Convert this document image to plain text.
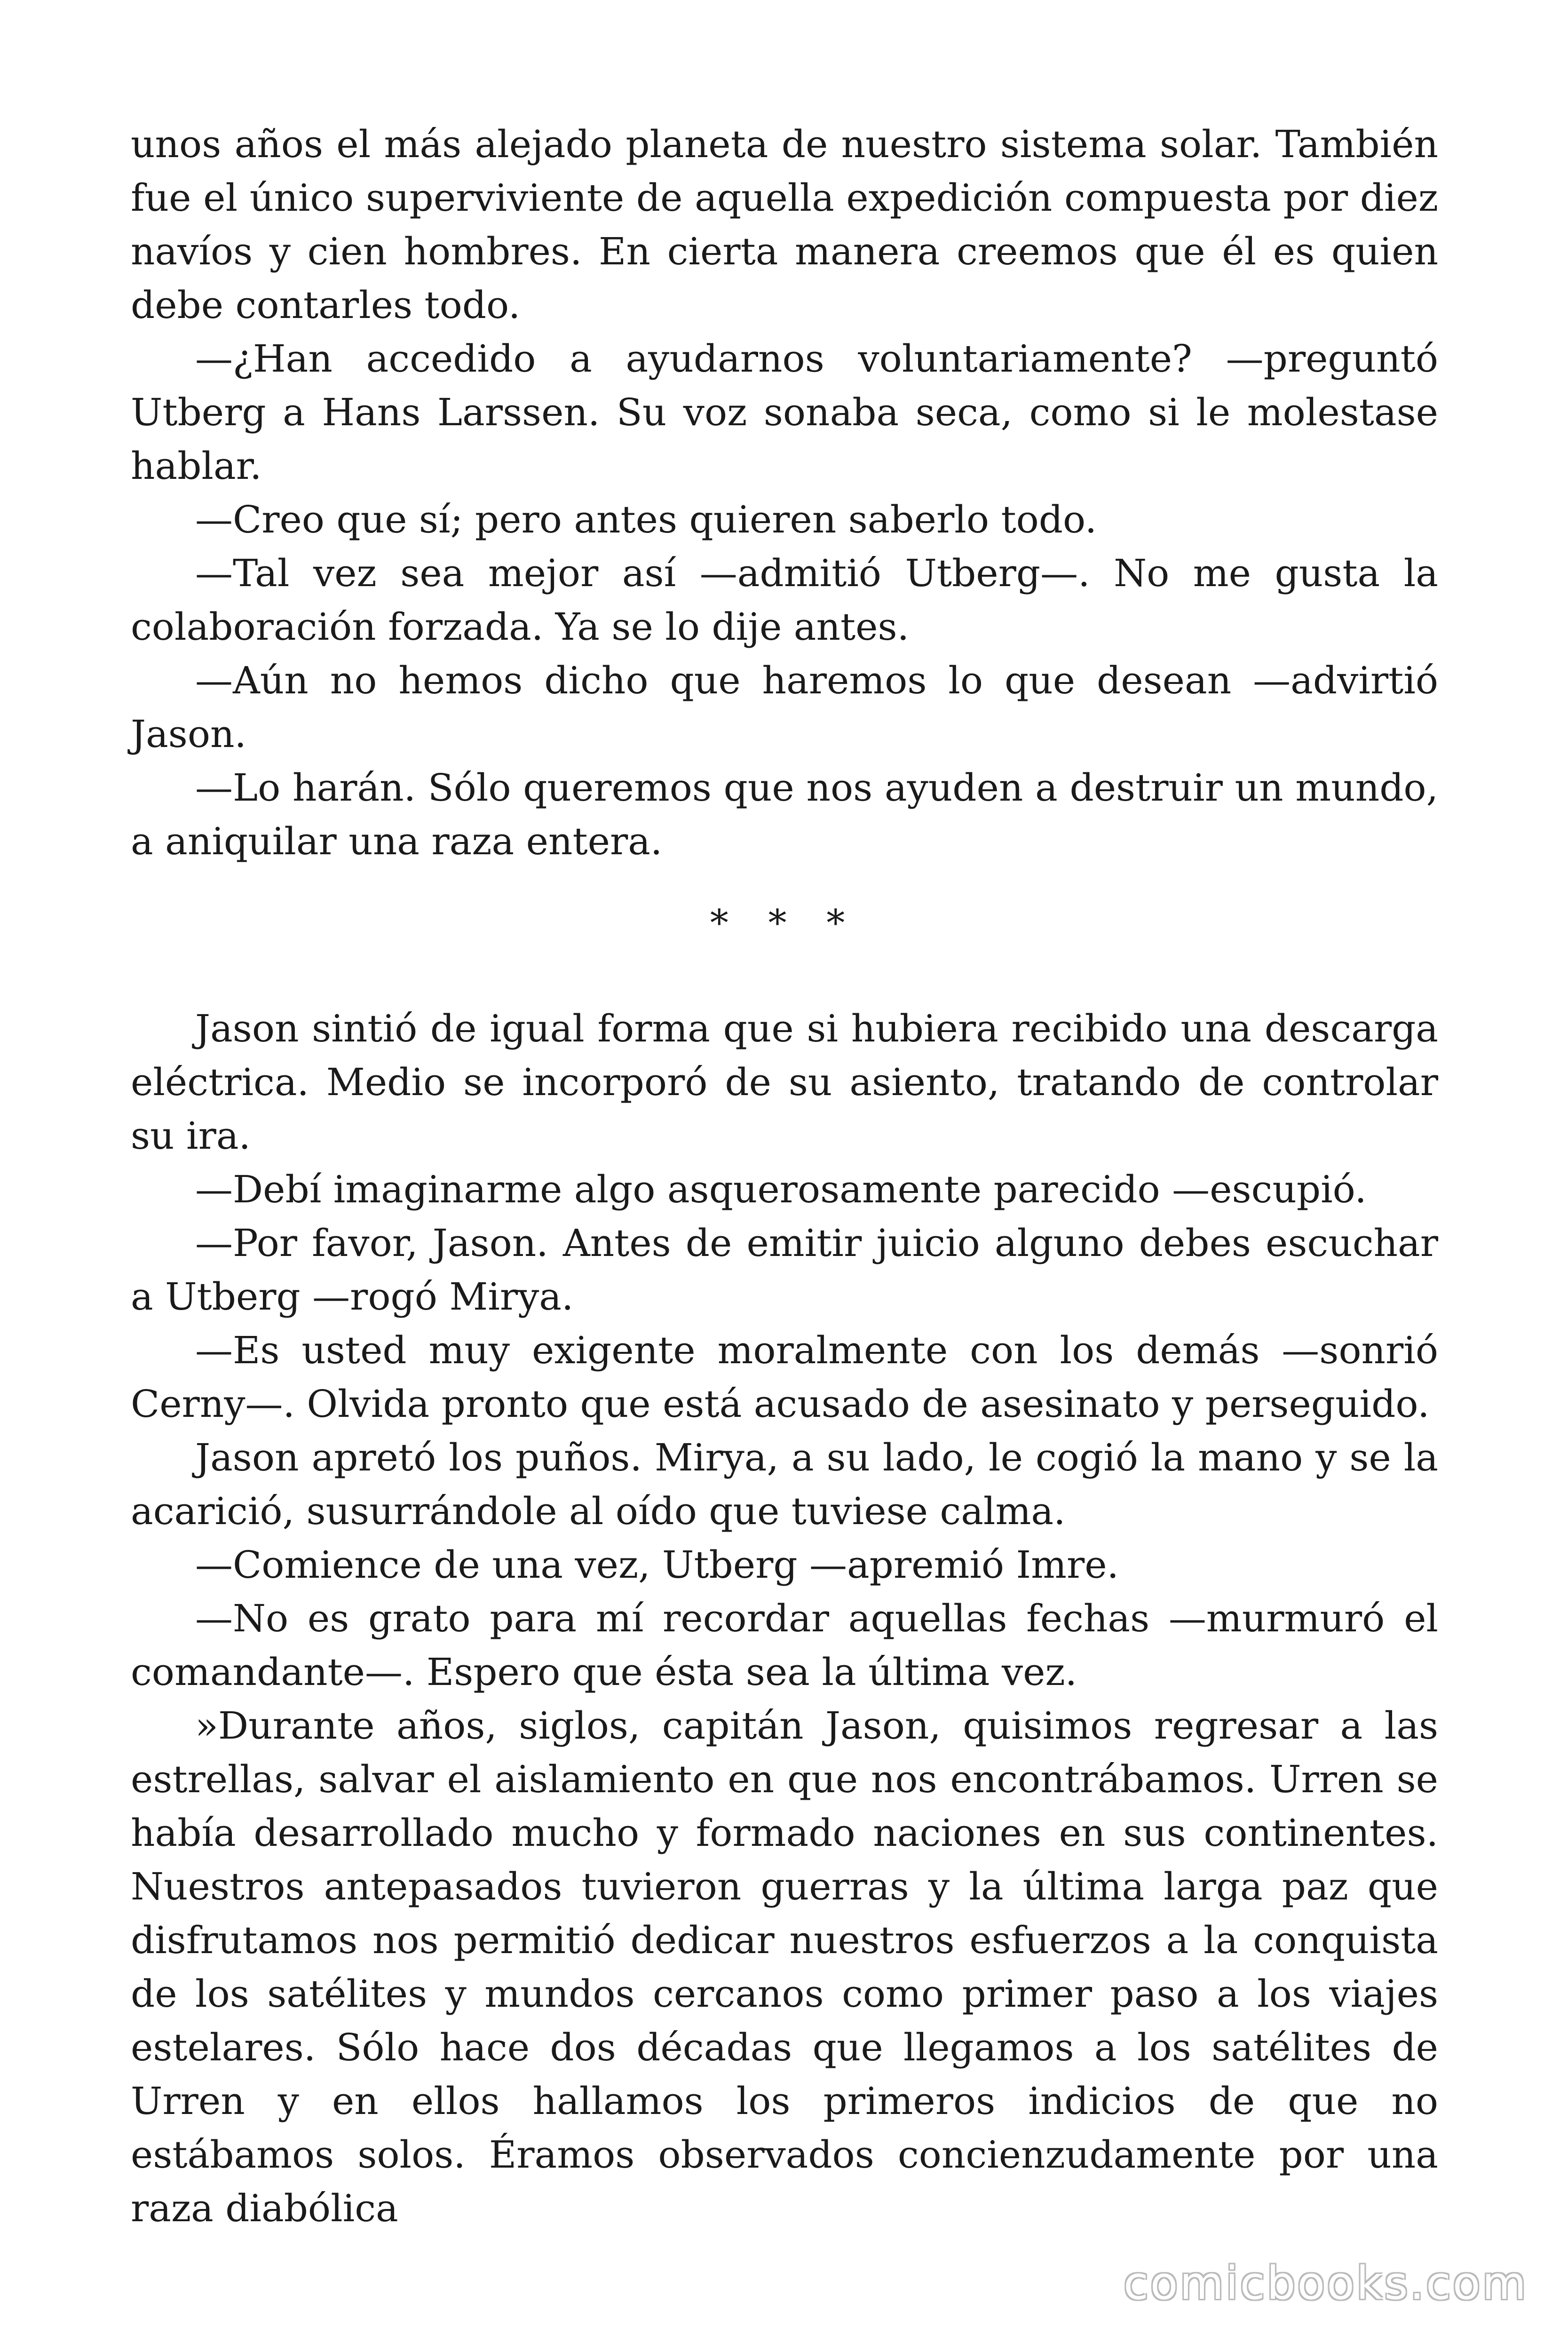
unos años el más alejado planeta de nuestro sistema solar. También fue el único superviviente de aquella expedición compuesta por diez navíos y cien hombres. En cierta manera creemos que él es quien debe contarles todo.

—¿Han accedido a ayudarnos voluntariamente? —preguntó Utberg a Hans Larssen. Su voz sonaba seca, como si le molestase hablar.

—Creo que sí; pero antes quieren saberlo todo.

—Tal vez sea mejor así —admitió Utberg—. No me gusta la colaboración forzada. Ya se lo dije antes.

—Aún no hemos dicho que haremos lo que desean —advirtió Jason.

—Lo harán. Sólo queremos que nos ayuden a destruir un mundo, a aniquilar una raza entera.

* * *

Jason sintió de igual forma que si hubiera recibido una descarga eléctrica. Medio se incorporó de su asiento, tratando de controlar su ira.

—Debí imaginarme algo asquerosamente parecido —escupió.

—Por favor, Jason. Antes de emitir juicio alguno debes escuchar a Utberg —rogó Mirya.

—Es usted muy exigente moralmente con los demás —sonrió Cerny—. Olvida pronto que está acusado de asesinato y perseguido.

Jason apretó los puños. Mirya, a su lado, le cogió la mano y se la acarició, susurrándole al oído que tuviese calma.

—Comience de una vez, Utberg —apremió Imre.

—No es grato para mí recordar aquellas fechas —murmuró el comandante—. Espero que ésta sea la última vez.

»Durante años, siglos, capitán Jason, quisimos regresar a las estrellas, salvar el aislamiento en que nos encontrábamos. Urren se había desarrollado mucho y formado naciones en sus continentes. Nuestros antepasados tuvieron guerras y la última larga paz que disfrutamos nos permitió dedicar nuestros esfuerzos a la conquista de los satélites y mundos cercanos como primer paso a los viajes estelares. Sólo hace dos décadas que llegamos a los satélites de Urren y en ellos hallamos los primeros indicios de que no estábamos solos. Éramos observados concienzudamente por una raza diabólica

comicbooks.com
